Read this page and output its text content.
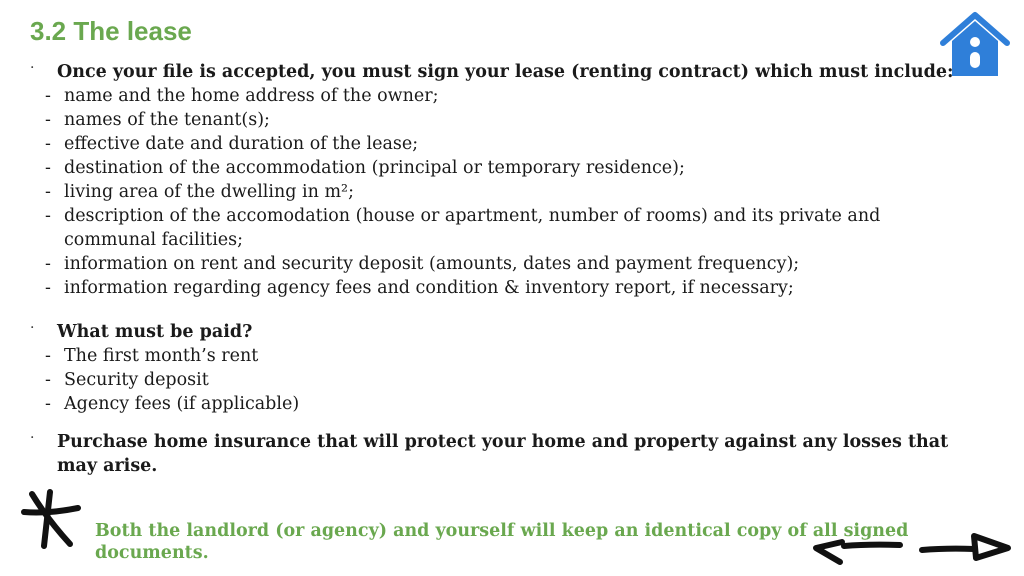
3.2 The lease
· Once your file is accepted, you must sign your lease (renting contract) which must include:

- name and the home address of the owner;
- names of the tenant(s);
- effective date and duration of the lease;
- destination of the accommodation (principal or temporary residence);
- living area of the dwelling in m²;
- description of the accomodation (house or apartment, number of rooms) and its private and communal facilities;
- information on rent and security deposit (amounts, dates and payment frequency);
- information regarding agency fees and condition & inventory report, if necessary;
· What must be paid?

- The first month’s rent
- Security deposit
- Agency fees (if applicable)
· Purchase home insurance that will protect your home and property against any losses that may arise.

Both the landlord (or agency) and yourself will keep an identical copy of all signed documents.
